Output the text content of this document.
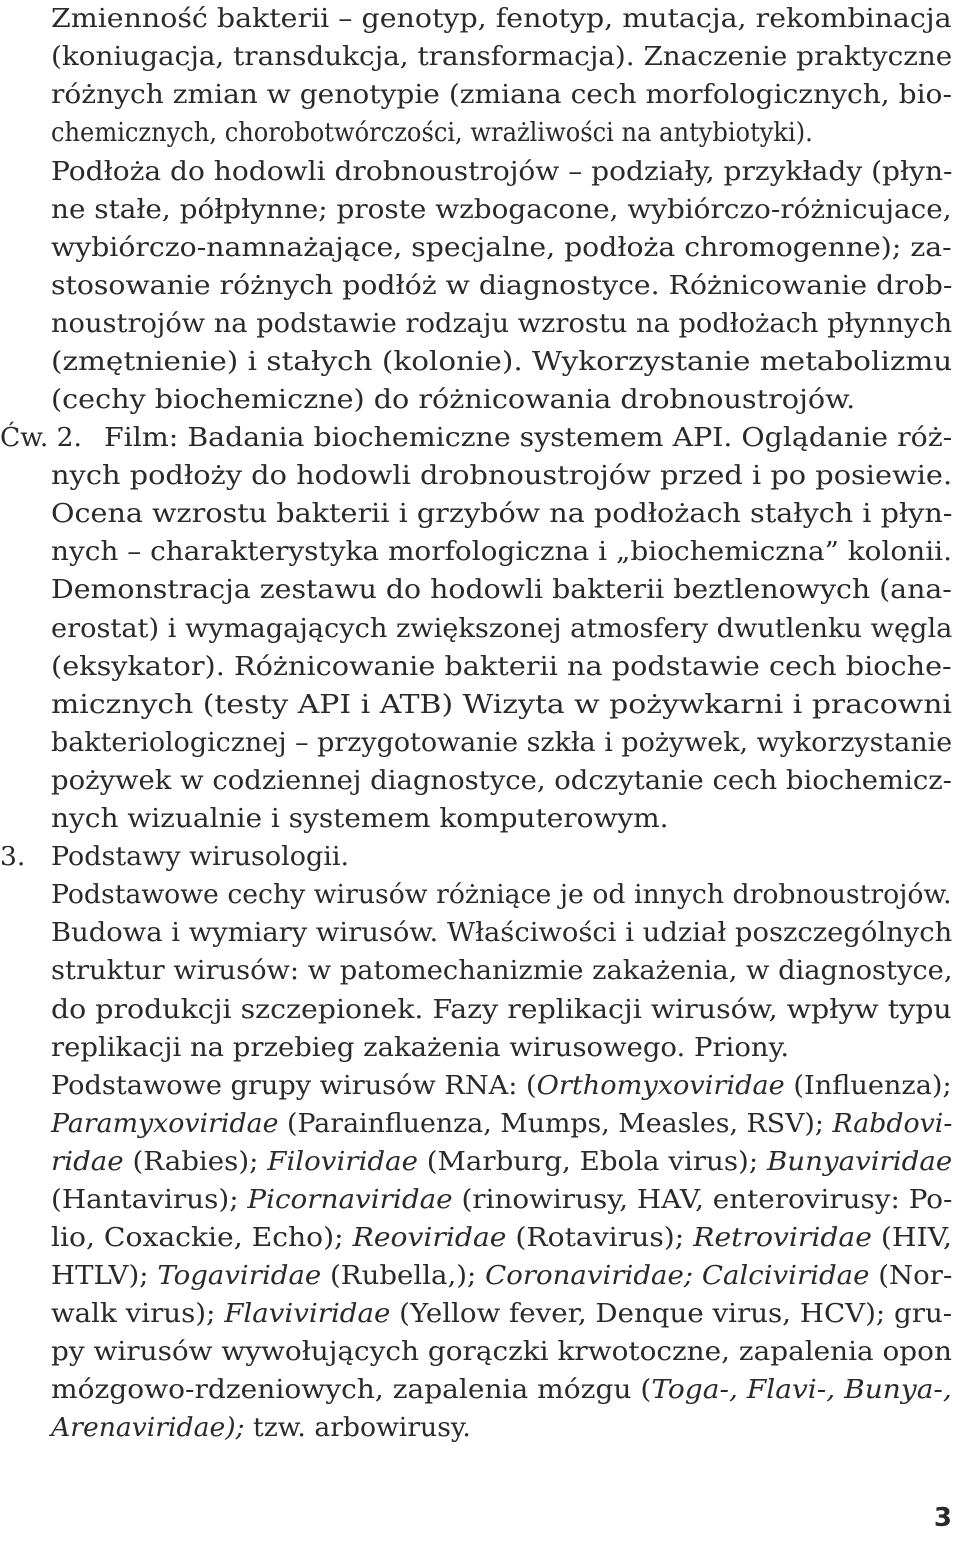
Zmienność bakterii – genotyp, fenotyp, mutacja, rekombinacja
(koniugacja, transdukcja, transformacja). Znaczenie praktyczne
różnych zmian w genotypie (zmiana cech morfologicznych, bio-
chemicznych, chorobotwórczości, wrażliwości na antybiotyki).
Podłoża do hodowli drobnoustrojów – podziały, przykłady (płyn-
ne stałe, półpłynne; proste wzbogacone, wybiórczo-różnicujace,
wybiórczo-namnażające, specjalne, podłoża chromogenne); za-
stosowanie różnych podłóż w diagnostyce. Różnicowanie drob-
noustrojów na podstawie rodzaju wzrostu na podłożach płynnych
(zmętnienie) i stałych (kolonie). Wykorzystanie metabolizmu
(cechy biochemiczne) do różnicowania drobnoustrojów.
Ćw. 2. Film: Badania biochemiczne systemem API. Oglądanie róż-
nych podłoży do hodowli drobnoustrojów przed i po posiewie.
Ocena wzrostu bakterii i grzybów na podłożach stałych i płyn-
nych – charakterystyka morfologiczna i „biochemiczna” kolonii.
Demonstracja zestawu do hodowli bakterii beztlenowych (ana-
erostat) i wymagających zwiększonej atmosfery dwutlenku węgla
(eksykator). Różnicowanie bakterii na podstawie cech bioche-
micznych (testy API i ATB) Wizyta w pożywkarni i pracowni
bakteriologicznej – przygotowanie szkła i pożywek, wykorzystanie
pożywek w codziennej diagnostyce, odczytanie cech biochemicz-
nych wizualnie i systemem komputerowym.
3. Podstawy wirusologii.
Podstawowe cechy wirusów różniące je od innych drobnoustrojów.
Budowa i wymiary wirusów. Właściwości i udział poszczególnych
struktur wirusów: w patomechanizmie zakażenia, w diagnostyce,
do produkcji szczepionek. Fazy replikacji wirusów, wpływ typu
replikacji na przebieg zakażenia wirusowego. Priony.
Podstawowe grupy wirusów RNA: (Orthomyxoviridae (Influenza);
Paramyxoviridae (Parainfluenza, Mumps, Measles, RSV); Rabdovi-
ridae (Rabies); Filoviridae (Marburg, Ebola virus); Bunyaviridae
(Hantavirus); Picornaviridae (rinowirusy, HAV, enterovirusy: Po-
lio, Coxackie, Echo); Reoviridae (Rotavirus); Retroviridae (HIV,
HTLV); Togaviridae (Rubella,); Coronaviridae; Calciviridae (Nor-
walk virus); Flaviviridae (Yellow fever, Denque virus, HCV); gru-
py wirusów wywołujących gorączki krwotoczne, zapalenia opon
mózgowo-rdzeniowych, zapalenia mózgu (Toga-, Flavi-, Bunya-,
Arenaviridae); tzw. arbowirusy.
3
